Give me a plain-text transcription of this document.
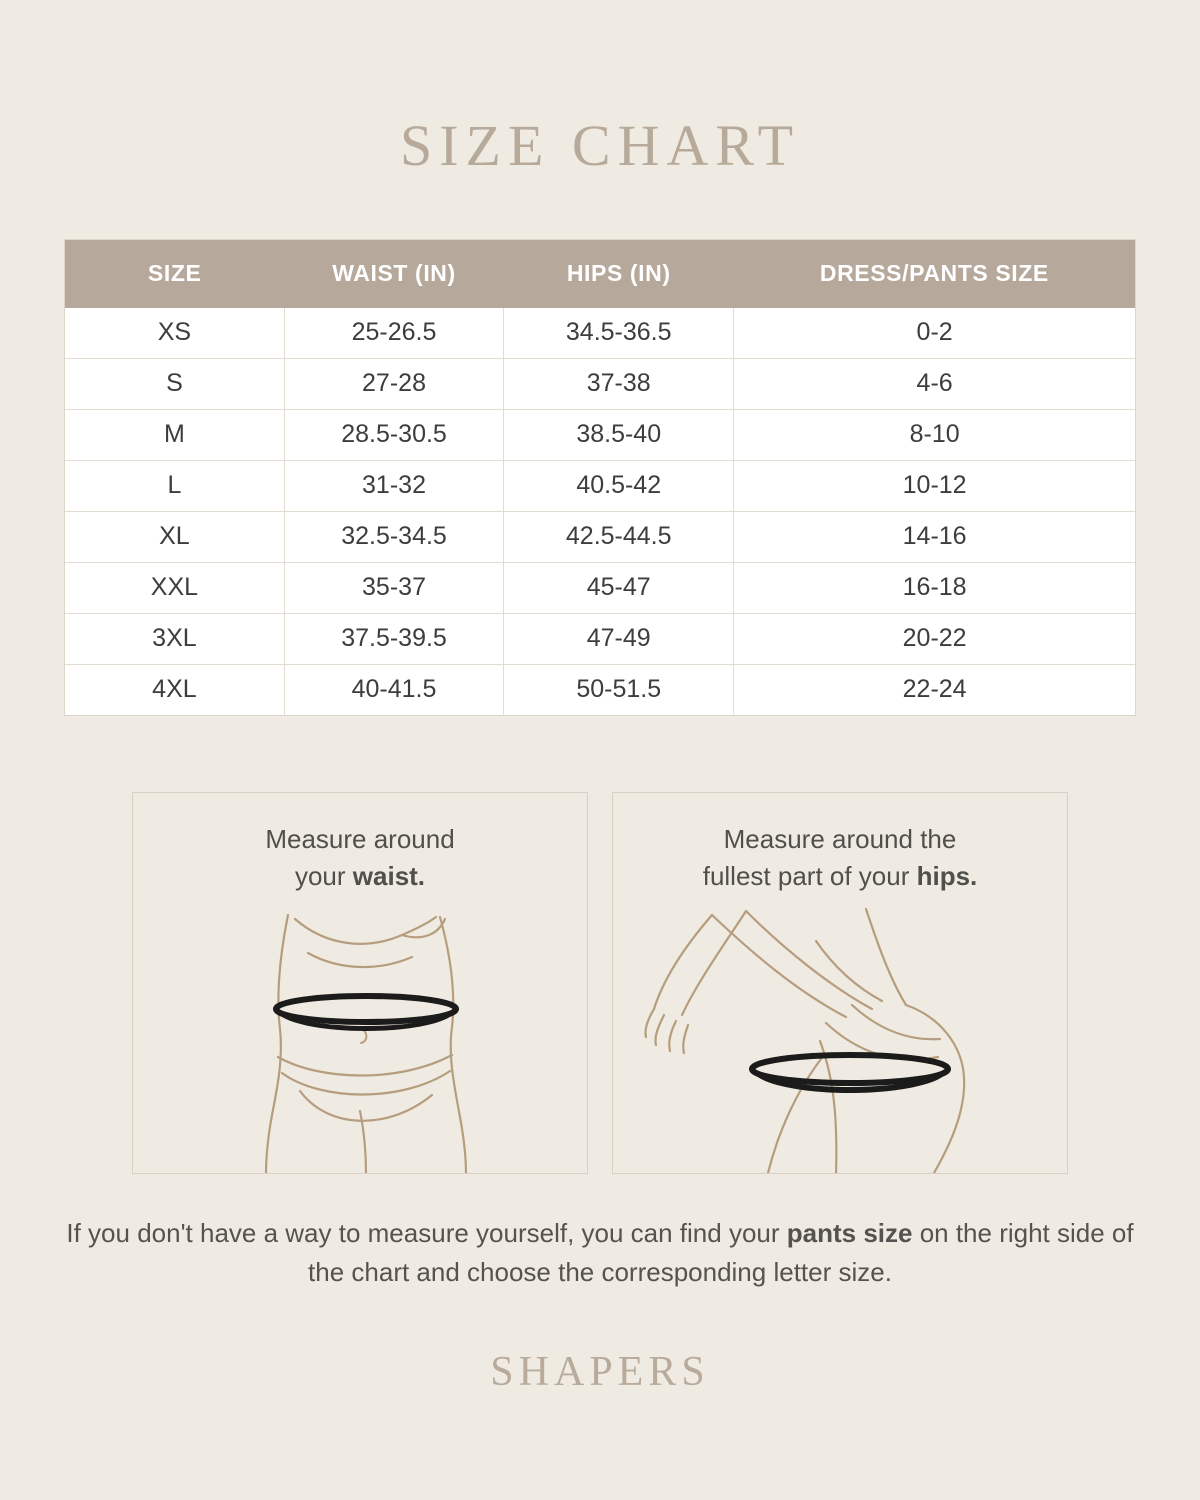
SIZE CHART
SIZE	WAIST (IN)	HIPS (IN)	DRESS/PANTS SIZE
XS	25-26.5	34.5-36.5	0-2
S	27-28	37-38	4-6
M	28.5-30.5	38.5-40	8-10
L	31-32	40.5-42	10-12
XL	32.5-34.5	42.5-44.5	14-16
XXL	35-37	45-47	16-18
3XL	37.5-39.5	47-49	20-22
4XL	40-41.5	50-51.5	22-24
Measure around
your waist.
Measure around the
fullest part of your hips.
If you don't have a way to measure yourself, you can find your pants size on the right side of the chart and choose the corresponding letter size.
SHAPERS
